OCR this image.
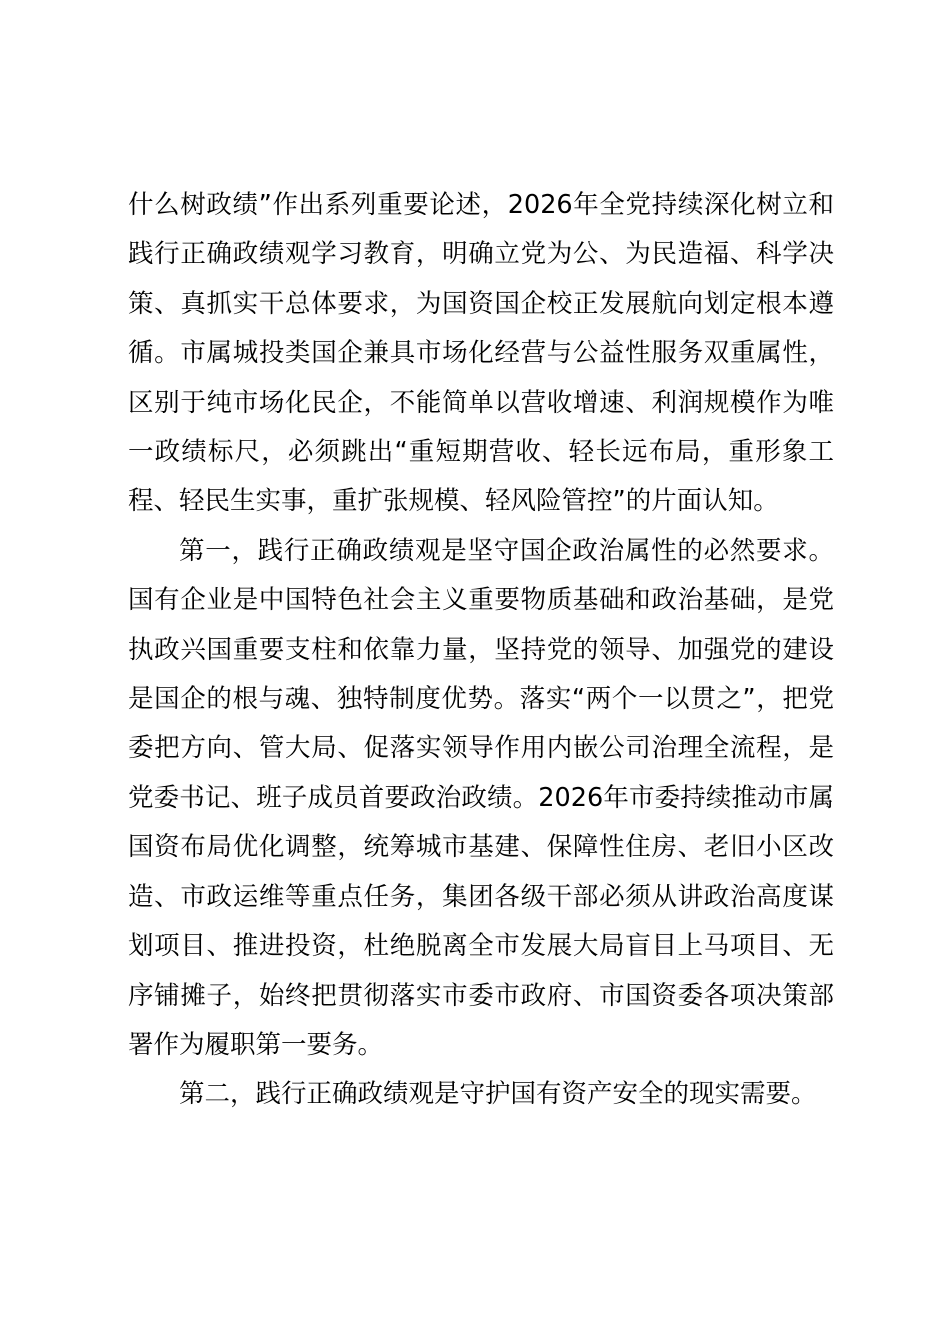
什么树政绩”作出系列重要论述，2026年全党持续深化树立和践行正确政绩观学习教育，明确立党为公、为民造福、科学决策、真抓实干总体要求，为国资国企校正发展航向划定根本遵循。市属城投类国企兼具市场化经营与公益性服务双重属性，区别于纯市场化民企，不能简单以营收增速、利润规模作为唯一政绩标尺，必须跳出“重短期营收、轻长远布局，重形象工程、轻民生实事，重扩张规模、轻风险管控”的片面认知。

第一，践行正确政绩观是坚守国企政治属性的必然要求。国有企业是中国特色社会主义重要物质基础和政治基础，是党执政兴国重要支柱和依靠力量，坚持党的领导、加强党的建设是国企的根与魂、独特制度优势。落实“两个一以贯之”，把党委把方向、管大局、促落实领导作用内嵌公司治理全流程，是党委书记、班子成员首要政治政绩。2026年市委持续推动市属国资布局优化调整，统筹城市基建、保障性住房、老旧小区改造、市政运维等重点任务，集团各级干部必须从讲政治高度谋划项目、推进投资，杜绝脱离全市发展大局盲目上马项目、无序铺摊子，始终把贯彻落实市委市政府、市国资委各项决策部署作为履职第一要务。

第二，践行正确政绩观是守护国有资产安全的现实需要。
